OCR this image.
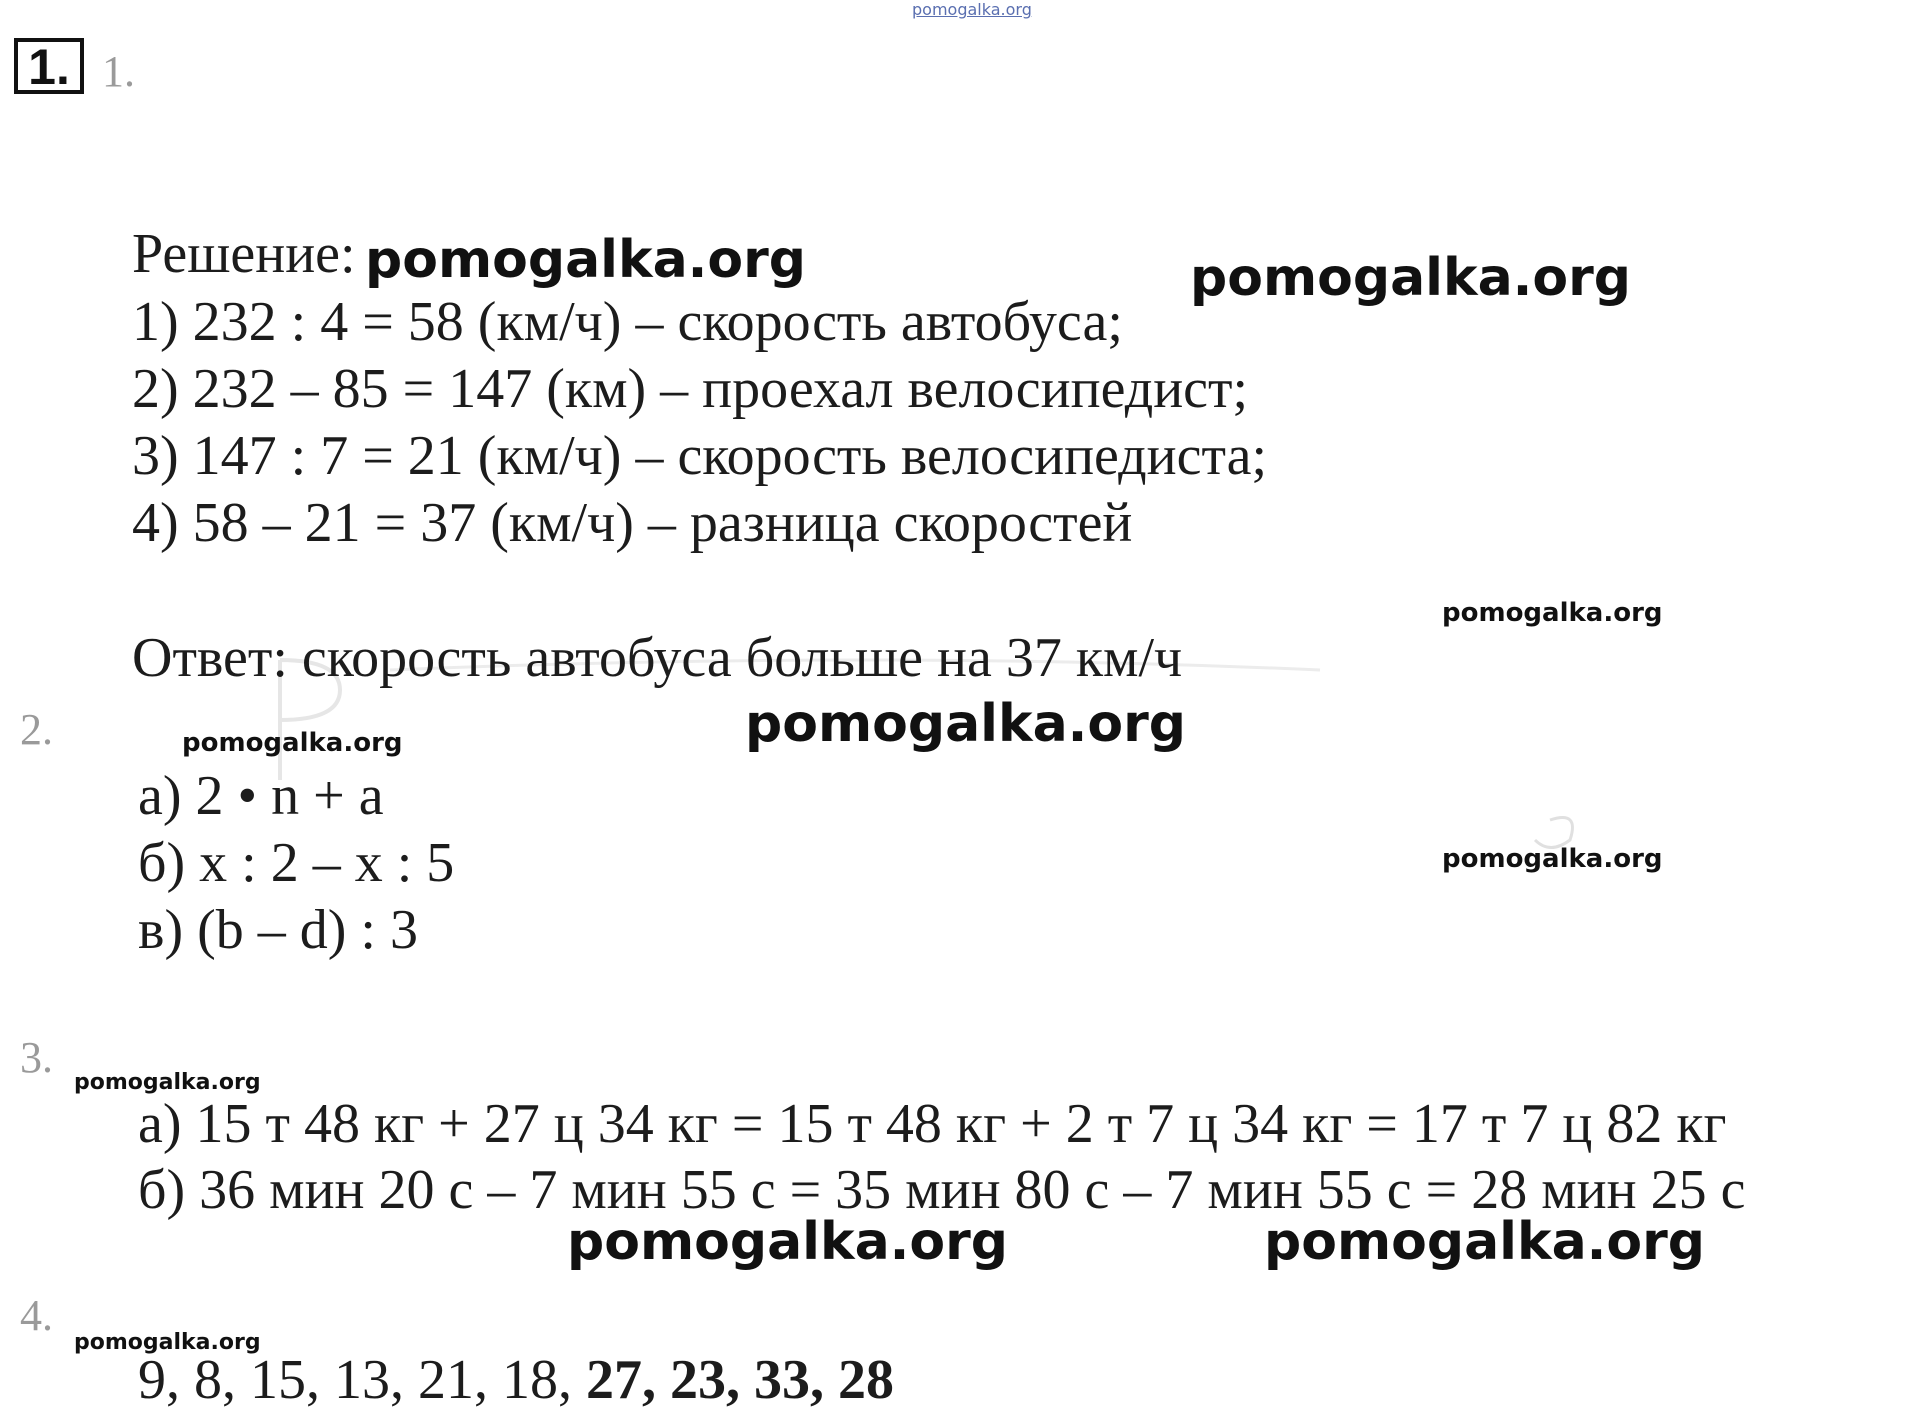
pomogalka.org
1. 1.
Решение:
1) 232 : 4 = 58 (км/ч) – скорость автобуса;
2) 232 – 85 = 147 (км) – проехал велосипедист;
3) 147 : 7 = 21 (км/ч) – скорость велосипедиста;
4) 58 – 21 = 37 (км/ч) – разница скоростей
Ответ: скорость автобуса больше на 37 км/ч
2.
а) 2 • n + a
б) x : 2 – x : 5
в) (b – d) : 3
3.
а) 15 т 48 кг + 27 ц 34 кг = 15 т 48 кг + 2 т 7 ц 34 кг = 17 т 7 ц 82 кг
б) 36 мин 20 с – 7 мин 55 с = 35 мин 80 с – 7 мин 55 с = 28 мин 25 с
4.
9, 8, 15, 13, 21, 18, 27, 23, 33, 28
pomogalka.org	pomogalka.org
pomogalka.org
pomogalka.org
pomogalka.org
pomogalka.org
pomogalka.org
pomogalka.org	pomogalka.org
pomogalka.org
